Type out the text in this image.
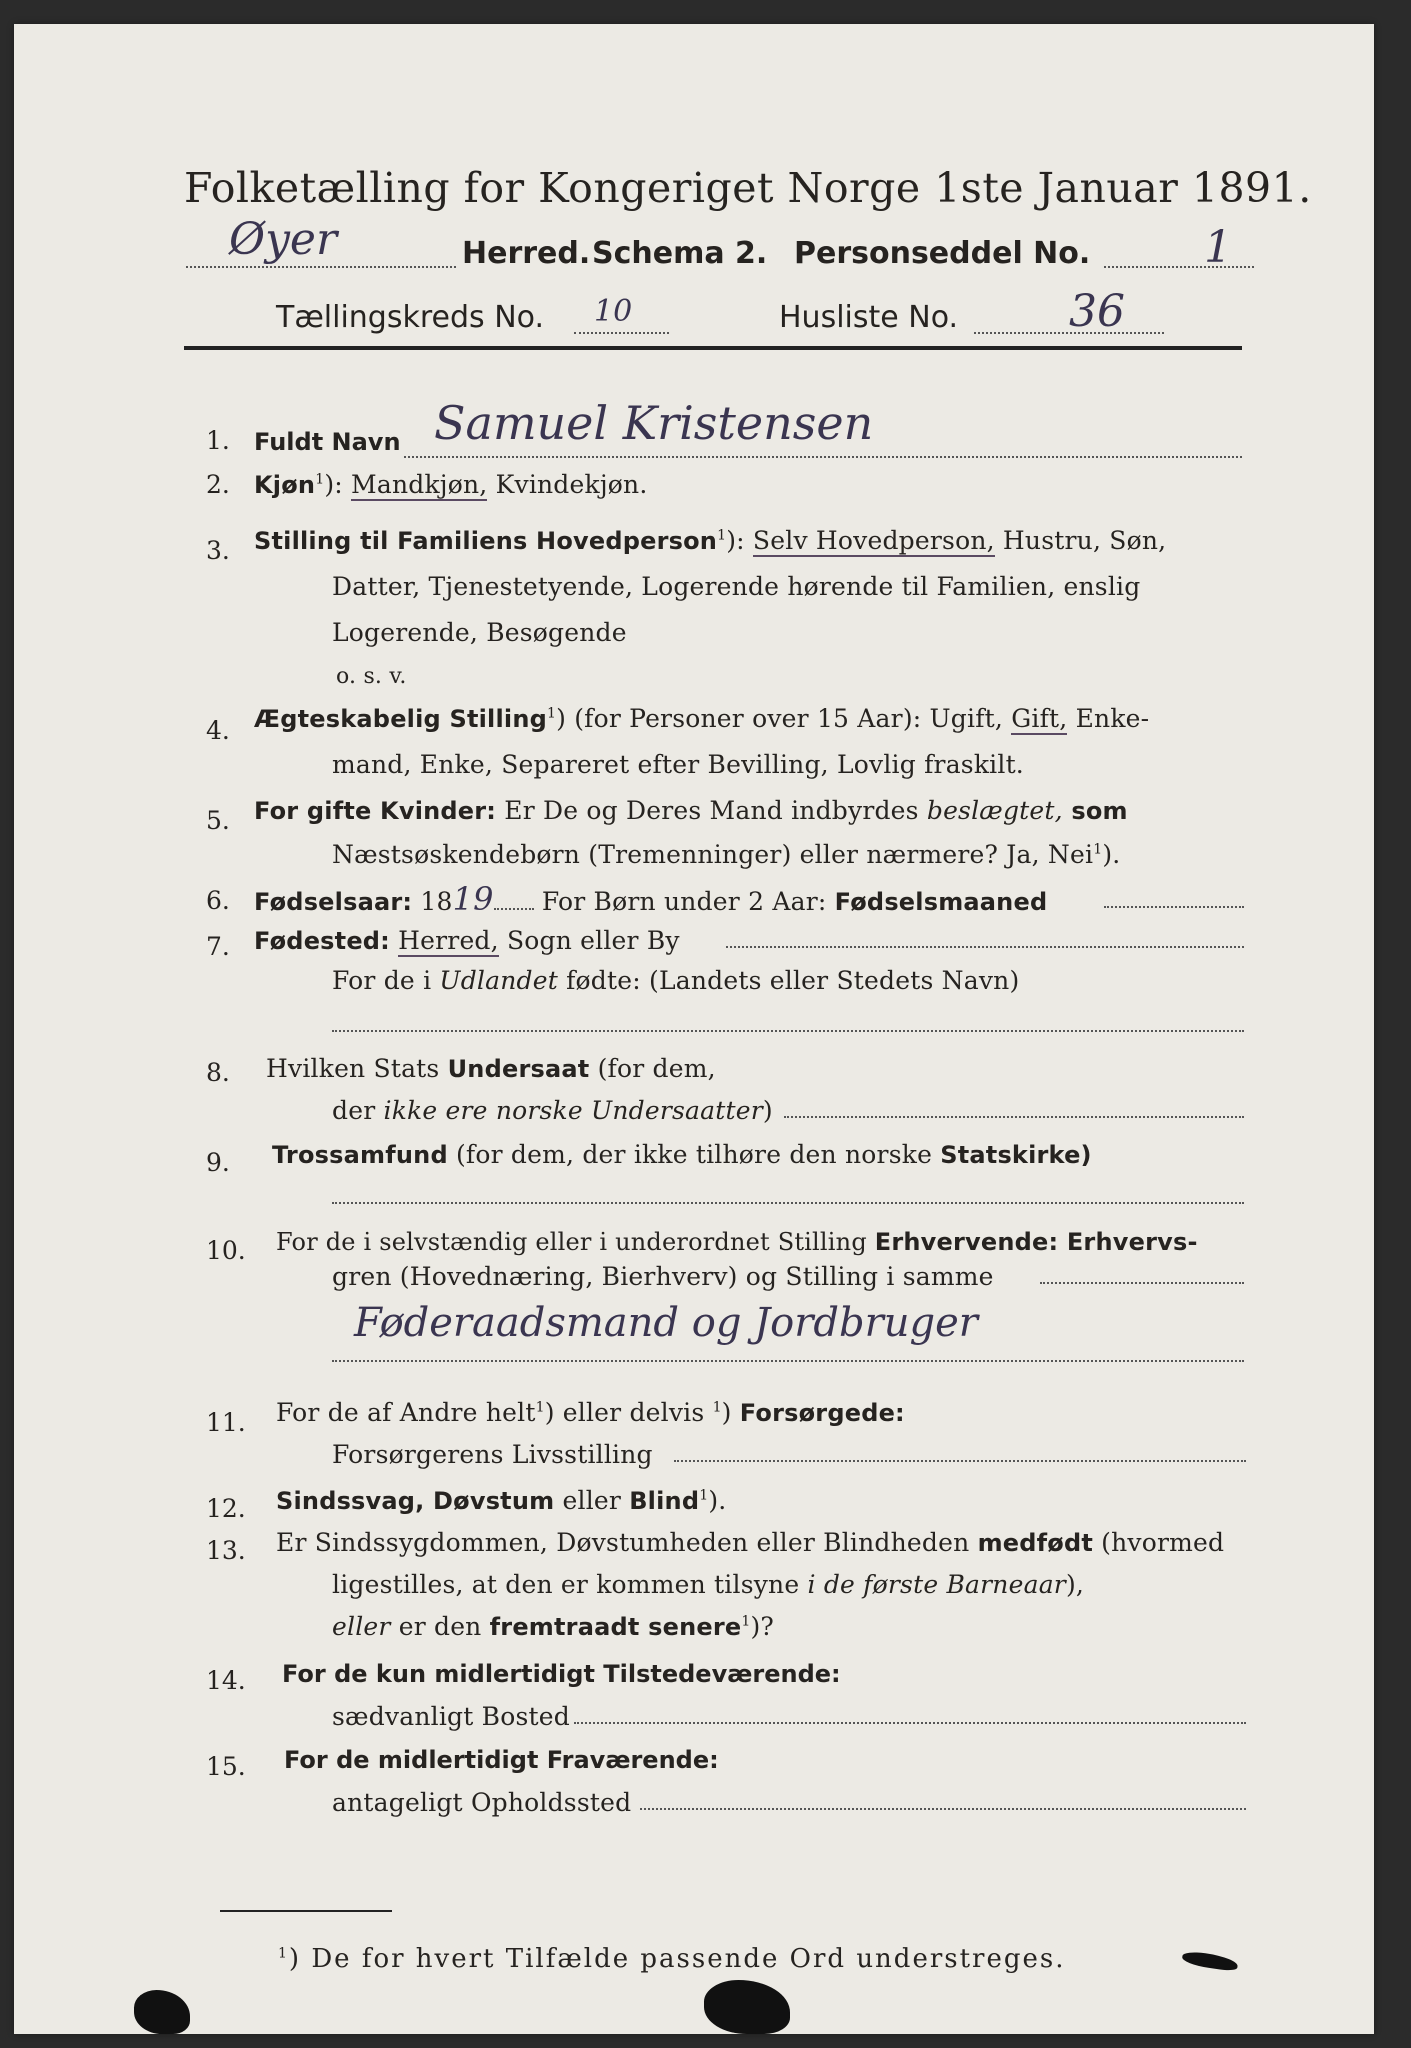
Folketælling for Kongeriget Norge 1ste Januar 1891.
Øyer	Herred. Schema 2. Personseddel No.	1
Tællingskreds No. 10	Husliste No.	36
1. Fuldt Navn Samuel Kristensen
2. Kjøn$^1$): Mandkjøn, Kvindekjøn.
3. Stilling til Familiens Hovedperson$^1$): Selv Hovedperson, Hustru, Søn,
Datter, Tjenestetyende, Logerende hørende til Familien, enslig
Logerende, Besøgende
o. s. v.
4. Ægteskabelig Stilling$^1$) (for Personer over 15 Aar): Ugift, Gift, Enke-
mand, Enke, Separeret efter Bevilling, Lovlig fraskilt.
5. For gifte Kvinder: Er De og Deres Mand indbyrdes beslægtet, som
Næstsøskendebørn (Tremenninger) eller nærmere? Ja, Nei$^1$).
6. Fødselsaar: 1819 For Børn under 2 Aar: Fødselsmaaned
7. Fødested: Herred, Sogn eller By
For de i Udlandet fødte: (Landets eller Stedets Navn)
8. Hvilken Stats Undersaat (for dem,
der ikke ere norske Undersaatter)
9. Trossamfund (for dem, der ikke tilhøre den norske Statskirke)
10. For de i selvstændig eller i underordnet Stilling Erhvervende: Erhvervs-
gren (Hovednæring, Bierhverv) og Stilling i samme
Føderaadsmand og Jordbruger
11. For de af Andre helt$^1$) eller delvis $^1$) Forsørgede:
Forsørgerens Livsstilling
12. Sindssvag, Døvstum eller Blind$^1$).
13. Er Sindssygdommen, Døvstumheden eller Blindheden medfødt (hvormed
ligestilles, at den er kommen tilsyne i de første Barneaar),
eller er den fremtraadt senere$^1$)?
14. For de kun midlertidigt Tilstedeværende:
sædvanligt Bosted
15. For de midlertidigt Fraværende:
antageligt Opholdssted
$^1$) De for hvert Tilfælde passende Ord understreges.
